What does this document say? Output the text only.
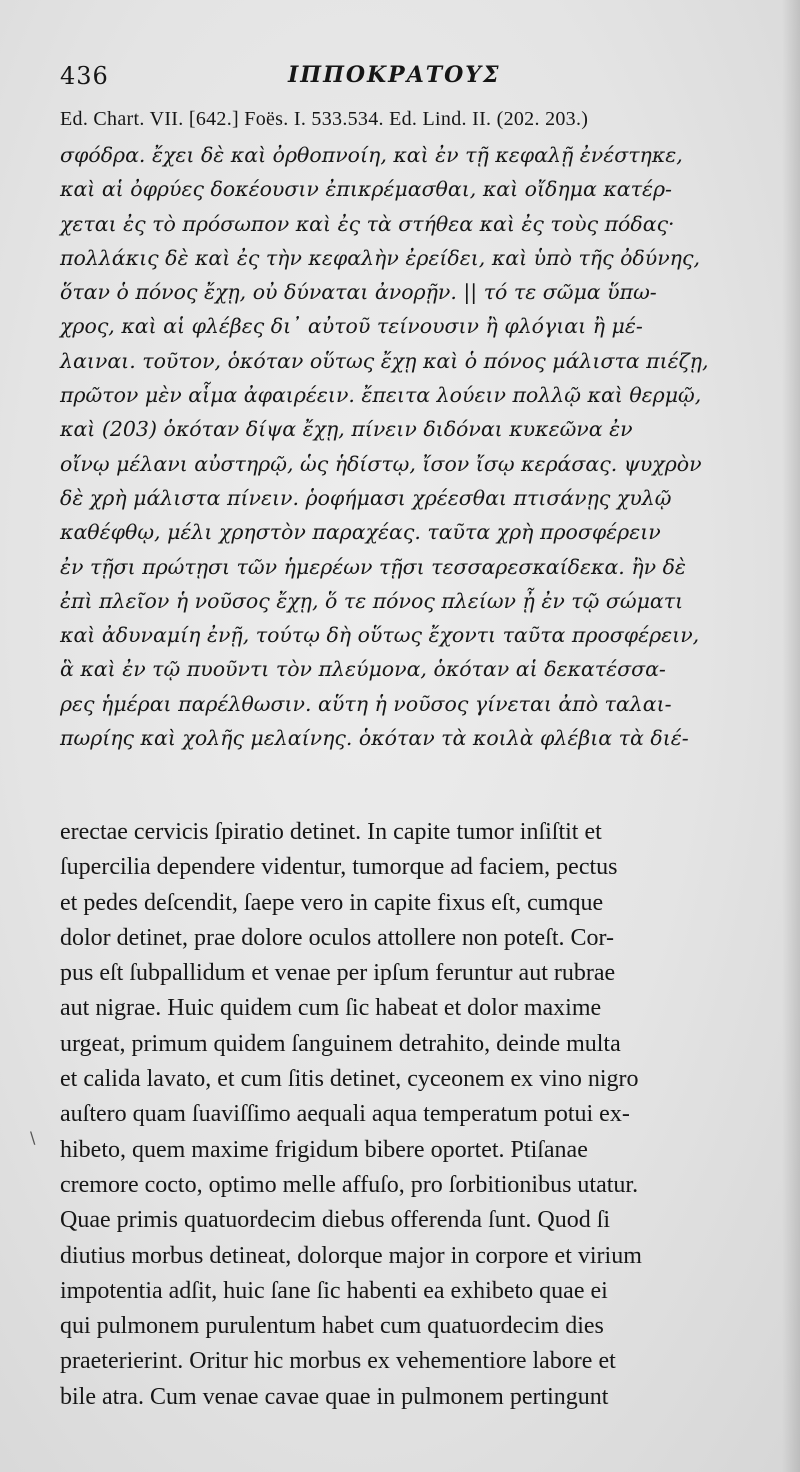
436	ΙΠΠΟΚΡΑΤΟΥΣ
Ed. Chart. VII. [642.] Foës. I. 533.534. Ed. Lind. II. (202. 203.)
σφόδρα. ἔχει δὲ καὶ ὀρθοπνοίη, καὶ ἐν τῇ κεφαλῇ ἐνέστηκε,
καὶ αἱ ὀφρύες δοκέουσιν ἐπικρέμασθαι, καὶ οἴδημα κατέρ-
χεται ἐς τὸ πρόσωπον καὶ ἐς τὰ στήθεα καὶ ἐς τοὺς πόδας·
πολλάκις δὲ καὶ ἐς τὴν κεφαλὴν ἐρείδει, καὶ ὑπὸ τῆς ὀδύνης,
ὅταν ὁ πόνος ἔχῃ, οὐ δύναται ἀνορῇν. || τό τε σῶμα ὕπω-
χρος, καὶ αἱ φλέβες δι᾽ αὐτοῦ τείνουσιν ἢ φλόγιαι ἢ μέ-
λαιναι. τοῦτον, ὁκόταν οὕτως ἔχῃ καὶ ὁ πόνος μάλιστα πιέζῃ,
πρῶτον μὲν αἷμα ἀφαιρέειν. ἔπειτα λούειν πολλῷ καὶ θερμῷ,
καὶ (203) ὁκόταν δίψα ἔχῃ, πίνειν διδόναι κυκεῶνα ἐν
οἴνῳ μέλανι αὐστηρῷ, ὡς ἡδίστῳ, ἴσον ἴσῳ κεράσας. ψυχρὸν
δὲ χρὴ μάλιστα πίνειν. ῥοφήμασι χρέεσθαι πτισάνῃς χυλῷ
καθέφθῳ, μέλι χρηστὸν παραχέας. ταῦτα χρὴ προσφέρειν
ἐν τῇσι πρώτῃσι τῶν ἡμερέων τῇσι τεσσαρεσκαίδεκα. ἢν δὲ
ἐπὶ πλεῖον ἡ νοῦσος ἔχῃ, ὅ τε πόνος πλείων ᾖ ἐν τῷ σώματι
καὶ ἀδυναμίη ἐνῇ, τούτῳ δὴ οὕτως ἔχοντι ταῦτα προσφέρειν,
ἃ καὶ ἐν τῷ πυοῦντι τὸν πλεύμονα, ὁκόταν αἱ δεκατέσσα-
ρες ἡμέραι παρέλθωσιν. αὕτη ἡ νοῦσος γίνεται ἀπὸ ταλαι-
πωρίης καὶ χολῆς μελαίνης. ὁκόταν τὰ κοιλὰ φλέβια τὰ διέ-
erectae cervicis ſpiratio detinet. In capite tumor inſiſtit et
ſupercilia dependere videntur, tumorque ad faciem, pectus
et pedes deſcendit, ſaepe vero in capite fixus eſt, cumque
dolor detinet, prae dolore oculos attollere non poteſt. Cor-
pus eſt ſubpallidum et venae per ipſum feruntur aut rubrae
aut nigrae. Huic quidem cum ſic habeat et dolor maxime
urgeat, primum quidem ſanguinem detrahito, deinde multa
et calida lavato, et cum ſitis detinet, cyceonem ex vino nigro
auſtero quam ſuaviſſimo aequali aqua temperatum potui ex-
hibeto, quem maxime frigidum bibere oportet. Ptiſanae
cremore cocto, optimo melle affuſo, pro ſorbitionibus utatur.
Quae primis quatuordecim diebus offerenda ſunt. Quod ſi
diutius morbus detineat, dolorque major in corpore et virium
impotentia adſit, huic ſane ſic habenti ea exhibeto quae ei
qui pulmonem purulentum habet cum quatuordecim dies
praeterierint. Oritur hic morbus ex vehementiore labore et
bile atra. Cum venae cavae quae in pulmonem pertingunt
\
